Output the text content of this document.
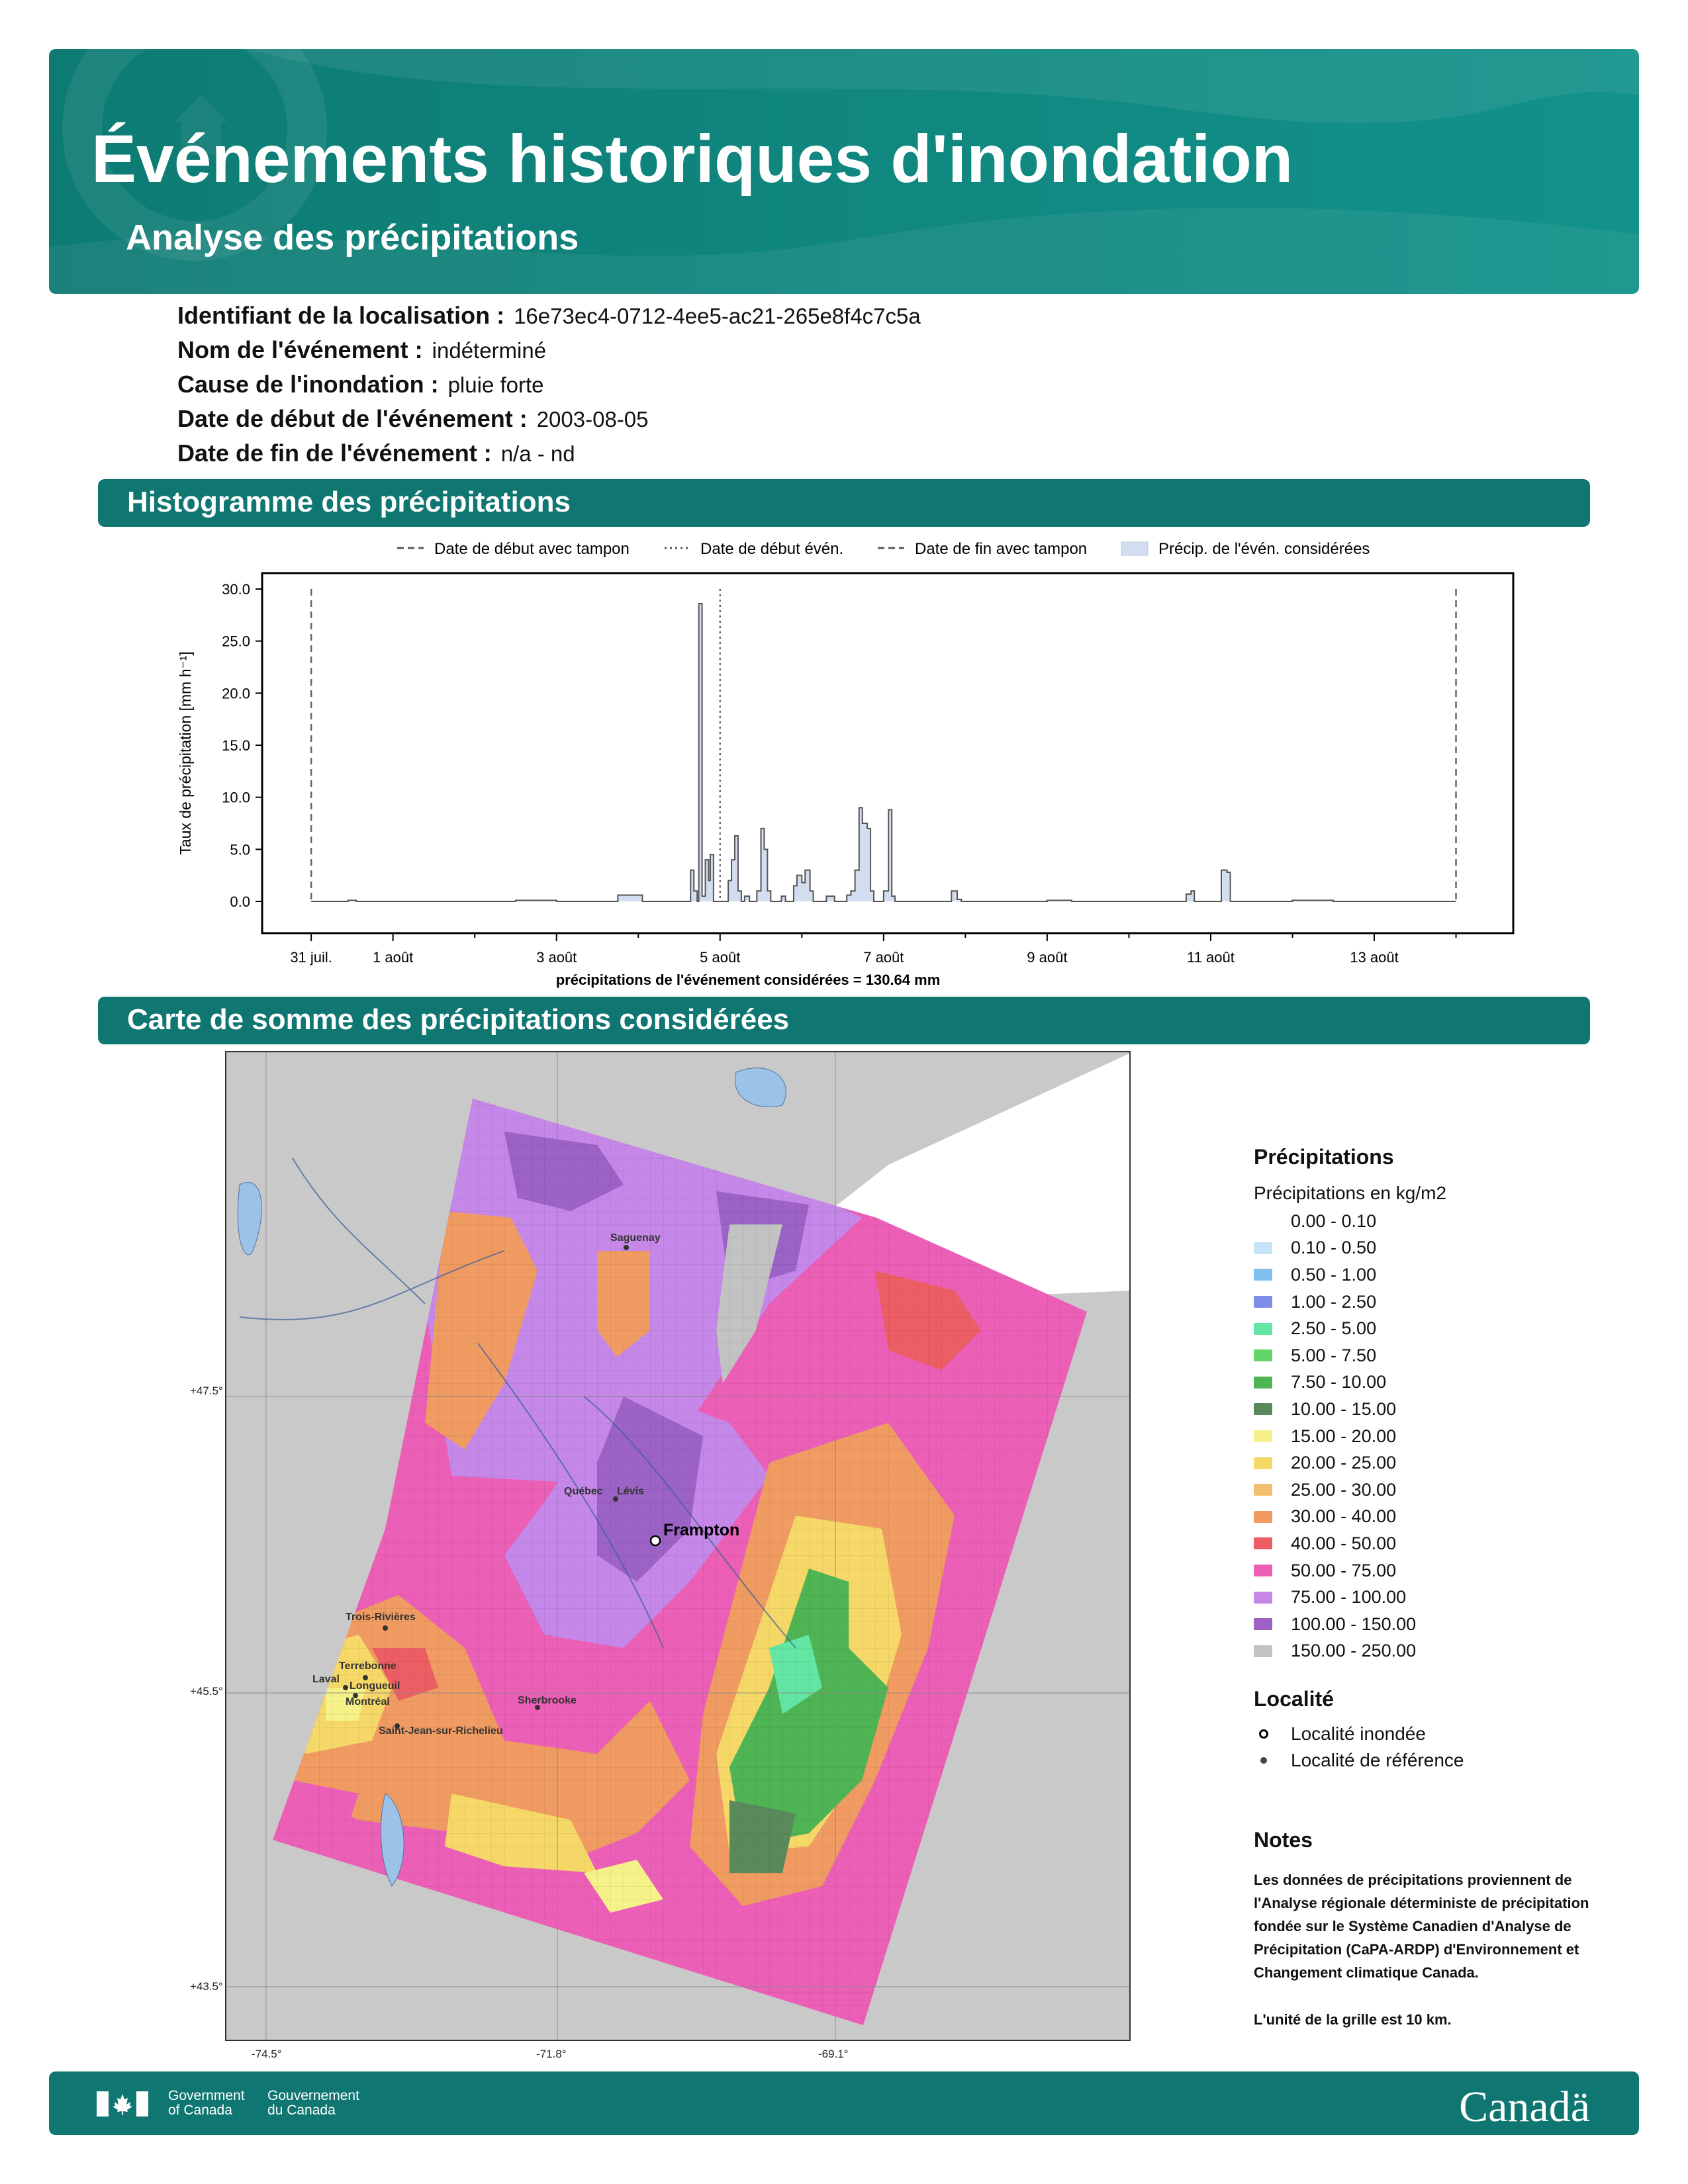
Événements historiques d'inondation
Analyse des précipitations
Identifiant de la localisation : 16e73ec4-0712-4ee5-ac21-265e8f4c7c5a
Nom de l'événement : indéterminé
Cause de l'inondation : pluie forte
Date de début de l'événement : 2003-08-05
Date de fin de l'événement : n/a - nd
Histogramme des précipitations
Date de début avec tampon	Date de début évén.	Date de fin avec tampon	Précip. de l'évén. considérées
0.0
5.0
10.0
15.0
20.0
25.0
30.0
31 juil.	1 août	3 août	5 août	7 août	9 août	11 août	13 août
Taux de précipitation [mm h⁻¹]
précipitations de l'événement considérées = 130.64 mm
Carte de somme des précipitations considérées
Frampton
Saguenay
Québec Lévis
Trois-Rivières
Terrebonne
Laval
Longueuil
Montréal	Sherbrooke
Saint-Jean-sur-Richelieu
+47.5°
+45.5°
+43.5°
-74.5°	-71.8°	-69.1°
Précipitations
Précipitations en kg/m2
0.00 - 0.10
0.10 - 0.50
0.50 - 1.00
1.00 - 2.50
2.50 - 5.00
5.00 - 7.50
7.50 - 10.00
10.00 - 15.00
15.00 - 20.00
20.00 - 25.00
25.00 - 30.00
30.00 - 40.00
40.00 - 50.00
50.00 - 75.00
75.00 - 100.00
100.00 - 150.00
150.00 - 250.00
Localité
Localité inondée
Localité de référence
Notes
Les données de précipitations proviennent de l'Analyse régionale déterministe de précipitation fondée sur le Système Canadien d'Analyse de Précipitation (CaPA-ARDP) d'Environnement et Changement climatique Canada.
L'unité de la grille est 10 km.
Government
of Canada
Gouvernement
du Canada	Canadä
